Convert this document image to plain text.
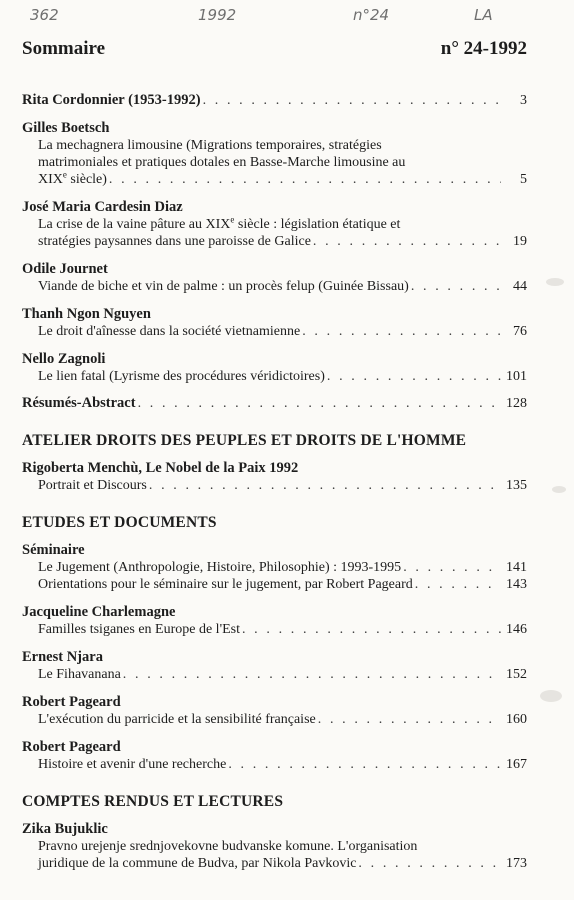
362	1992	n°24	LA
Sommaire	n° 24-1992
Rita Cordonnier (1953-1992) . . .	3
Gilles Boetsch
La mechagnera limousine (Migrations temporaires, stratégies
matrimoniales et pratiques dotales en Basse-Marche limousine au
XIXe siècle) . . .	5
José Maria Cardesin Diaz
La crise de la vaine pâture au XIXe siècle : législation étatique et
stratégies paysannes dans une paroisse de Galice . . .	19
Odile Journet
Viande de biche et vin de palme : un procès felup (Guinée Bissau) . . .	44
Thanh Ngon Nguyen
Le droit d'aînesse dans la société vietnamienne . . .	76
Nello Zagnoli
Le lien fatal (Lyrisme des procédures véridictoires) . . .	101
Résumés-Abstract . . .	128
ATELIER DROITS DES PEUPLES ET DROITS DE L'HOMME
Rigoberta Menchù, Le Nobel de la Paix 1992
Portrait et Discours . . .	135
ETUDES ET DOCUMENTS
Séminaire
Le Jugement (Anthropologie, Histoire, Philosophie) : 1993-1995 . . .	141
Orientations pour le séminaire sur le jugement, par Robert Pageard . . .	143
Jacqueline Charlemagne
Familles tsiganes en Europe de l'Est . . .	146
Ernest Njara
Le Fihavanana . . .	152
Robert Pageard
L'exécution du parricide et la sensibilité française . . .	160
Robert Pageard
Histoire et avenir d'une recherche . . .	167
COMPTES RENDUS ET LECTURES
Zika Bujuklic
Pravno urejenje srednjovekovne budvanske komune. L'organisation
juridique de la commune de Budva, par Nikola Pavkovic . . .	173
